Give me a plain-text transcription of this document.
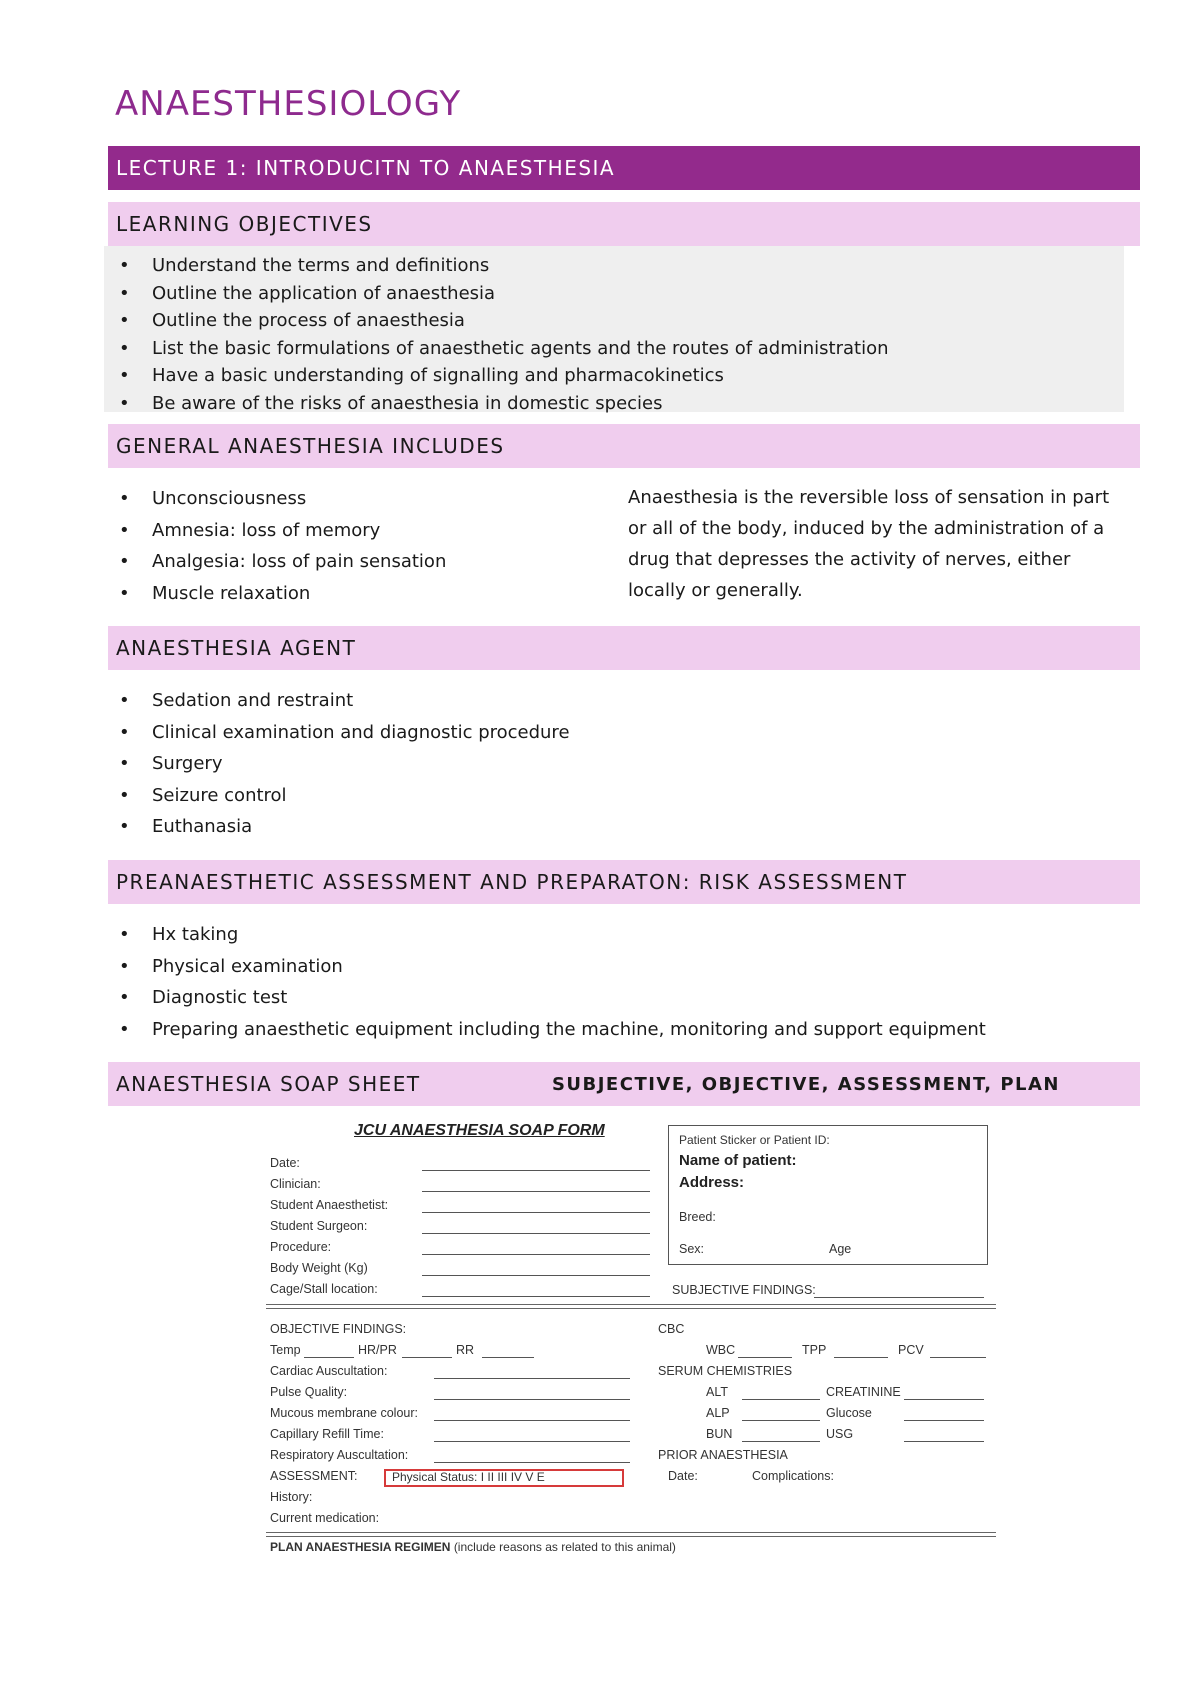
ANAESTHESIOLOGY
LECTURE 1: INTRODUCITN TO ANAESTHESIA
LEARNING OBJECTIVES
• Understand the terms and definitions
• Outline the application of anaesthesia
• Outline the process of anaesthesia
• List the basic formulations of anaesthetic agents and the routes of administration
• Have a basic understanding of signalling and pharmacokinetics
• Be aware of the risks of anaesthesia in domestic species
GENERAL ANAESTHESIA INCLUDES
• Unconsciousness
• Amnesia: loss of memory
• Analgesia: loss of pain sensation
• Muscle relaxation
Anaesthesia is the reversible loss of sensation in part or all of the body, induced by the administration of a drug that depresses the activity of nerves, either locally or generally.
ANAESTHESIA AGENT
• Sedation and restraint
• Clinical examination and diagnostic procedure
• Surgery
• Seizure control
• Euthanasia
PREANAESTHETIC ASSESSMENT AND PREPARATON: RISK ASSESSMENT
• Hx taking
• Physical examination
• Diagnostic test
• Preparing anaesthetic equipment including the machine, monitoring and support equipment
ANAESTHESIA SOAP SHEET	SUBJECTIVE, OBJECTIVE, ASSESSMENT, PLAN
JCU ANAESTHESIA SOAP FORM
Date:
Clinician:
Student Anaesthetist:
Student Surgeon:
Procedure:
Body Weight (Kg)
Cage/Stall location:
Patient Sticker or Patient ID:
Name of patient:
Address:
Breed:
Sex:	Age
SUBJECTIVE FINDINGS:
OBJECTIVE FINDINGS:
Temp	HR/PR	RR
Cardiac Auscultation:
Pulse Quality:
Mucous membrane colour:
Capillary Refill Time:
Respiratory Auscultation:
ASSESSMENT:	Physical Status: I II III IV V E
History:
Current medication:
CBC
WBC	TPP	PCV
SERUM CHEMISTRIES
ALT	CREATININE
ALP	Glucose
BUN	USG
PRIOR ANAESTHESIA
Date:	Complications:
PLAN ANAESTHESIA REGIMEN (include reasons as related to this animal)
